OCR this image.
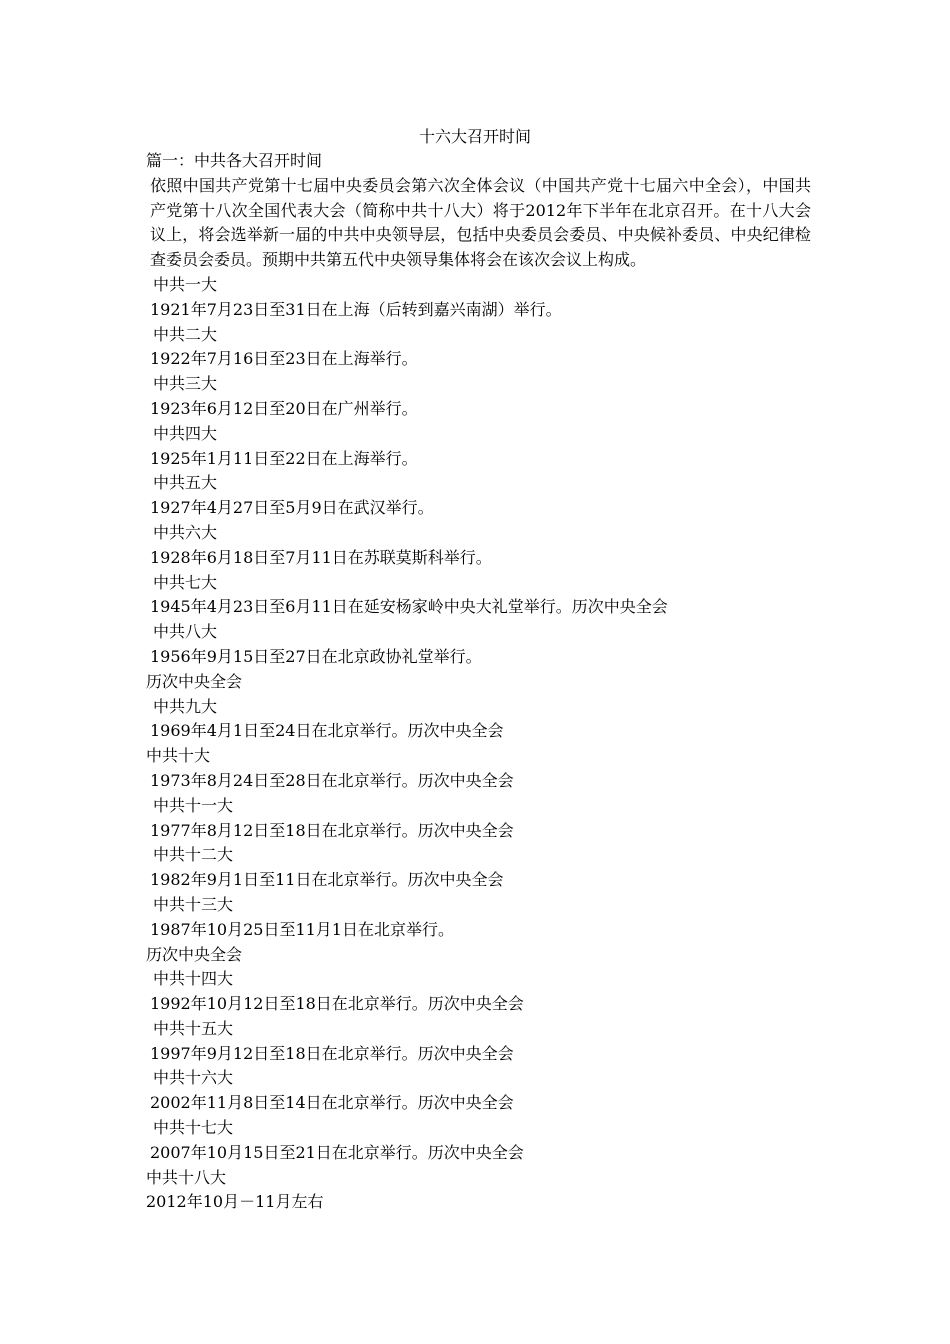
十六大召开时间
篇一：中共各大召开时间
依照中国共产党第十七届中央委员会第六次全体会议（中国共产党十七届六中全会），中国共产党第十八次全国代表大会（简称中共十八大）将于2012年下半年在北京召开。在十八大会议上，将会选举新一届的中共中央领导层，包括中央委员会委员、中央候补委员、中央纪律检查委员会委员。预期中共第五代中央领导集体将会在该次会议上构成。
中共一大
1921年7月23日至31日在上海（后转到嘉兴南湖）举行。
中共二大
1922年7月16日至23日在上海举行。
中共三大
1923年6月12日至20日在广州举行。
中共四大
1925年1月11日至22日在上海举行。
中共五大
1927年4月27日至5月9日在武汉举行。
中共六大
1928年6月18日至7月11日在苏联莫斯科举行。
中共七大
1945年4月23日至6月11日在延安杨家岭中央大礼堂举行。历次中央全会
中共八大
1956年9月15日至27日在北京政协礼堂举行。
历次中央全会
中共九大
1969年4月1日至24日在北京举行。历次中央全会
中共十大
1973年8月24日至28日在北京举行。历次中央全会
中共十一大
1977年8月12日至18日在北京举行。历次中央全会
中共十二大
1982年9月1日至11日在北京举行。历次中央全会
中共十三大
1987年10月25日至11月1日在北京举行。
历次中央全会
中共十四大
1992年10月12日至18日在北京举行。历次中央全会
中共十五大
1997年9月12日至18日在北京举行。历次中央全会
中共十六大
2002年11月8日至14日在北京举行。历次中央全会
中共十七大
2007年10月15日至21日在北京举行。历次中央全会
中共十八大
2012年10月－11月左右
